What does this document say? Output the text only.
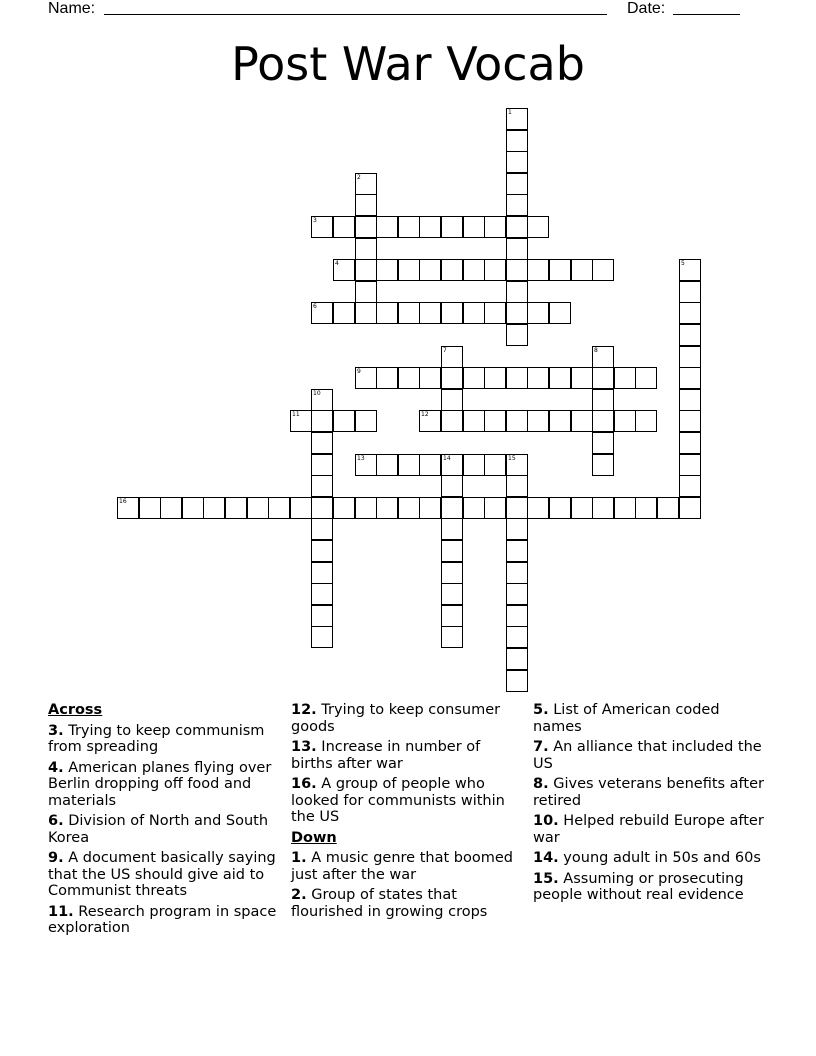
Name:	Date:
Post War Vocab
1
2
3
4	5
6
7	8
9
10
11	12
13	14	15
16
Across
3. Trying to keep communism from spreading
4. American planes flying over Berlin dropping off food and materials
6. Division of North and South Korea
9. A document basically saying that the US should give aid to Communist threats
11. Research program in space exploration
12. Trying to keep consumer goods
13. Increase in number of births after war
16. A group of people who looked for communists within the US
Down
1. A music genre that boomed just after the war
2. Group of states that flourished in growing crops
5. List of American coded names
7. An alliance that included the US
8. Gives veterans benefits after retired
10. Helped rebuild Europe after war
14. young adult in 50s and 60s
15. Assuming or prosecuting people without real evidence
